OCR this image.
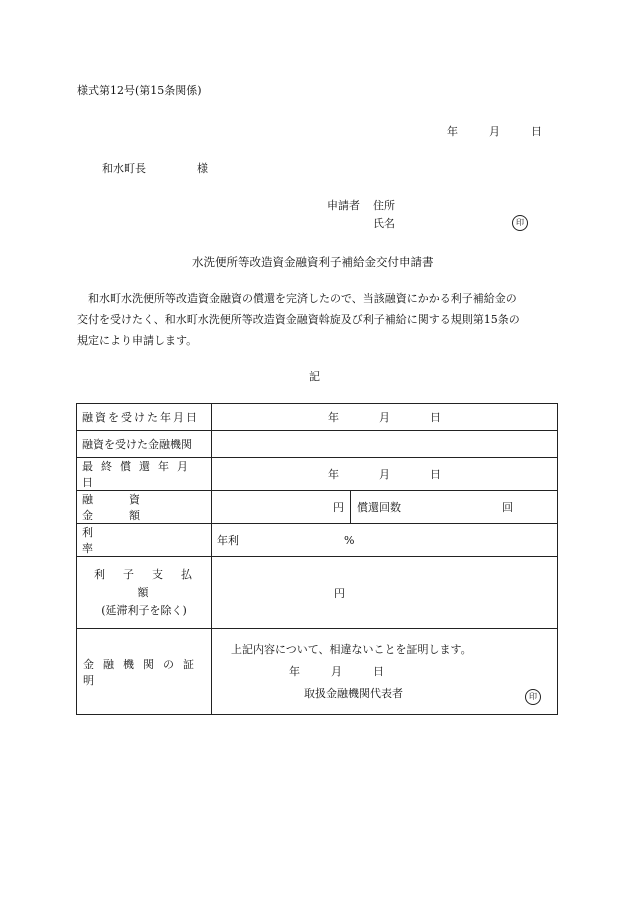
様式第12号(第15条関係)
年	月	日
和水町長	様
申請者 住所
氏名	印
水洗便所等改造資金融資利子補給金交付申請書

和水町水洗便所等改造資金融資の償還を完済したので、当該融資にかかる利子補給金の

交付を受けたく、和水町水洗便所等改造資金融資斡旋及び利子補給に関する規則第15条の

規定により申請します。

記
融資を受けた年月日	年 月 日	

融資を受けた金融機関		

最終償還年月日	年 月 日	

融資金額	円	償還回数 回

利率	年利 %	

利子支払額
(延滞利子を除く)	円	

金融機関の証明	上記内容について、相違ないことを証明します。
年 月 日
取扱金融機関代表者 印	
